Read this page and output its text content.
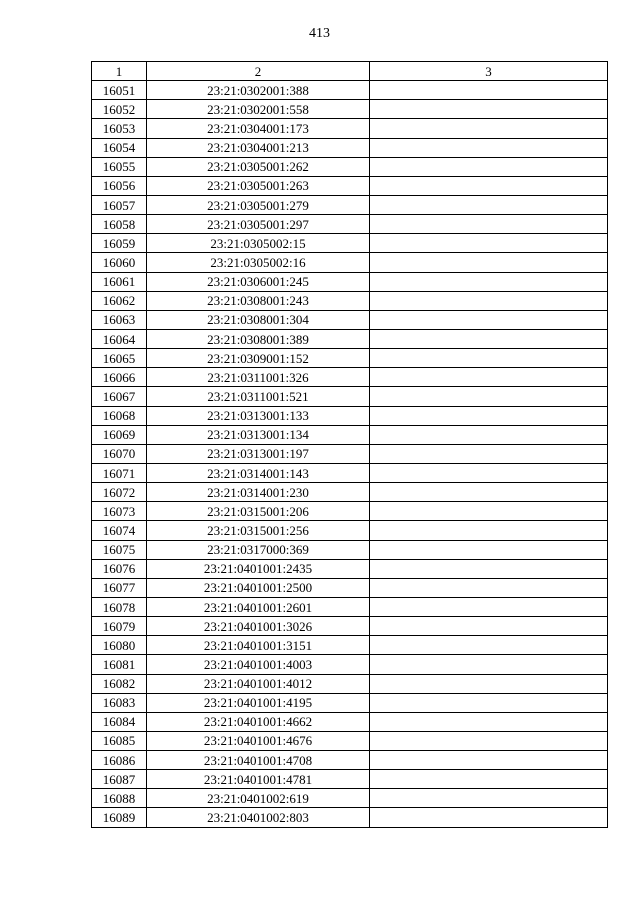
413
1	2	3
16051	23:21:0302001:388	
16052	23:21:0302001:558	
16053	23:21:0304001:173	
16054	23:21:0304001:213	
16055	23:21:0305001:262	
16056	23:21:0305001:263	
16057	23:21:0305001:279	
16058	23:21:0305001:297	
16059	23:21:0305002:15	
16060	23:21:0305002:16	
16061	23:21:0306001:245	
16062	23:21:0308001:243	
16063	23:21:0308001:304	
16064	23:21:0308001:389	
16065	23:21:0309001:152	
16066	23:21:0311001:326	
16067	23:21:0311001:521	
16068	23:21:0313001:133	
16069	23:21:0313001:134	
16070	23:21:0313001:197	
16071	23:21:0314001:143	
16072	23:21:0314001:230	
16073	23:21:0315001:206	
16074	23:21:0315001:256	
16075	23:21:0317000:369	
16076	23:21:0401001:2435	
16077	23:21:0401001:2500	
16078	23:21:0401001:2601	
16079	23:21:0401001:3026	
16080	23:21:0401001:3151	
16081	23:21:0401001:4003	
16082	23:21:0401001:4012	
16083	23:21:0401001:4195	
16084	23:21:0401001:4662	
16085	23:21:0401001:4676	
16086	23:21:0401001:4708	
16087	23:21:0401001:4781	
16088	23:21:0401002:619	
16089	23:21:0401002:803	
